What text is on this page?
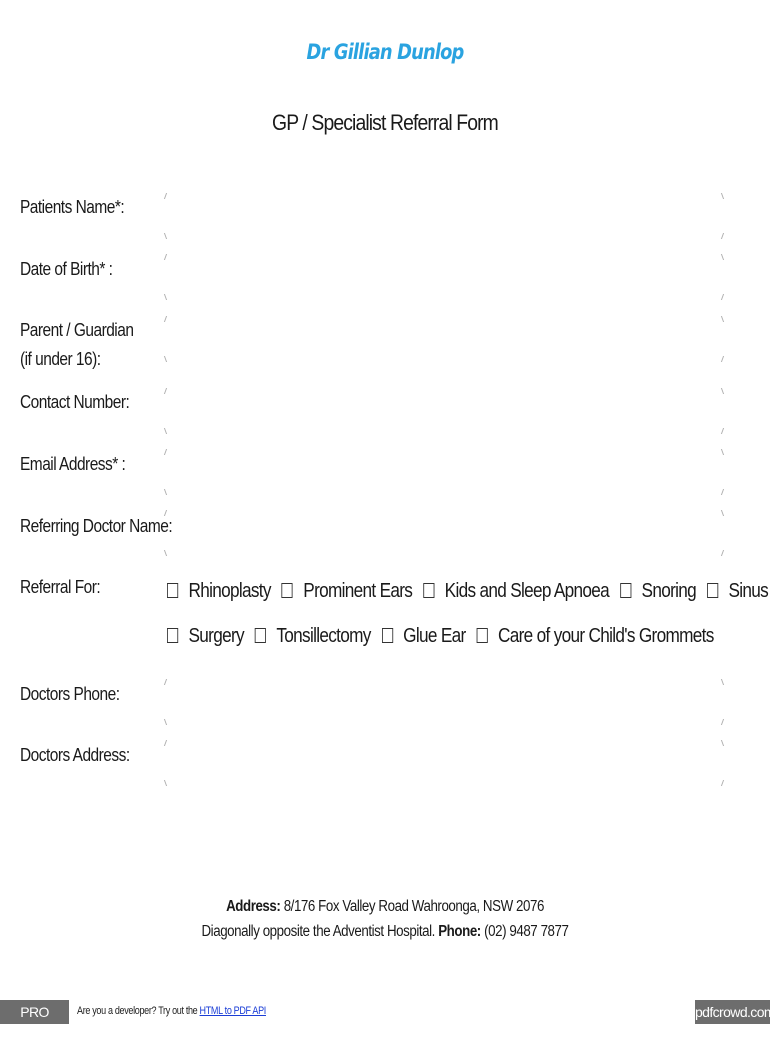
Dr Gillian Dunlop
GP / Specialist Referral Form
Patients Name*:
Date of Birth* :
Parent / Guardian
(if under 16):
Contact Number:
Email Address* :
Referring Doctor Name:
Referral For:	Rhinoplasty Prominent Ears Kids and Sleep Apnoea Snoring Sinus
Surgery Tonsillectomy Glue Ear Care of your Child's Grommets
Doctors Phone:
Doctors Address:
Address: 8/176 Fox Valley Road Wahroonga, NSW 2076
Diagonally opposite the Adventist Hospital. Phone: (02) 9487 7877
PRO version
Are you a developer? Try out the HTML to PDF API	pdfcrowd.com
